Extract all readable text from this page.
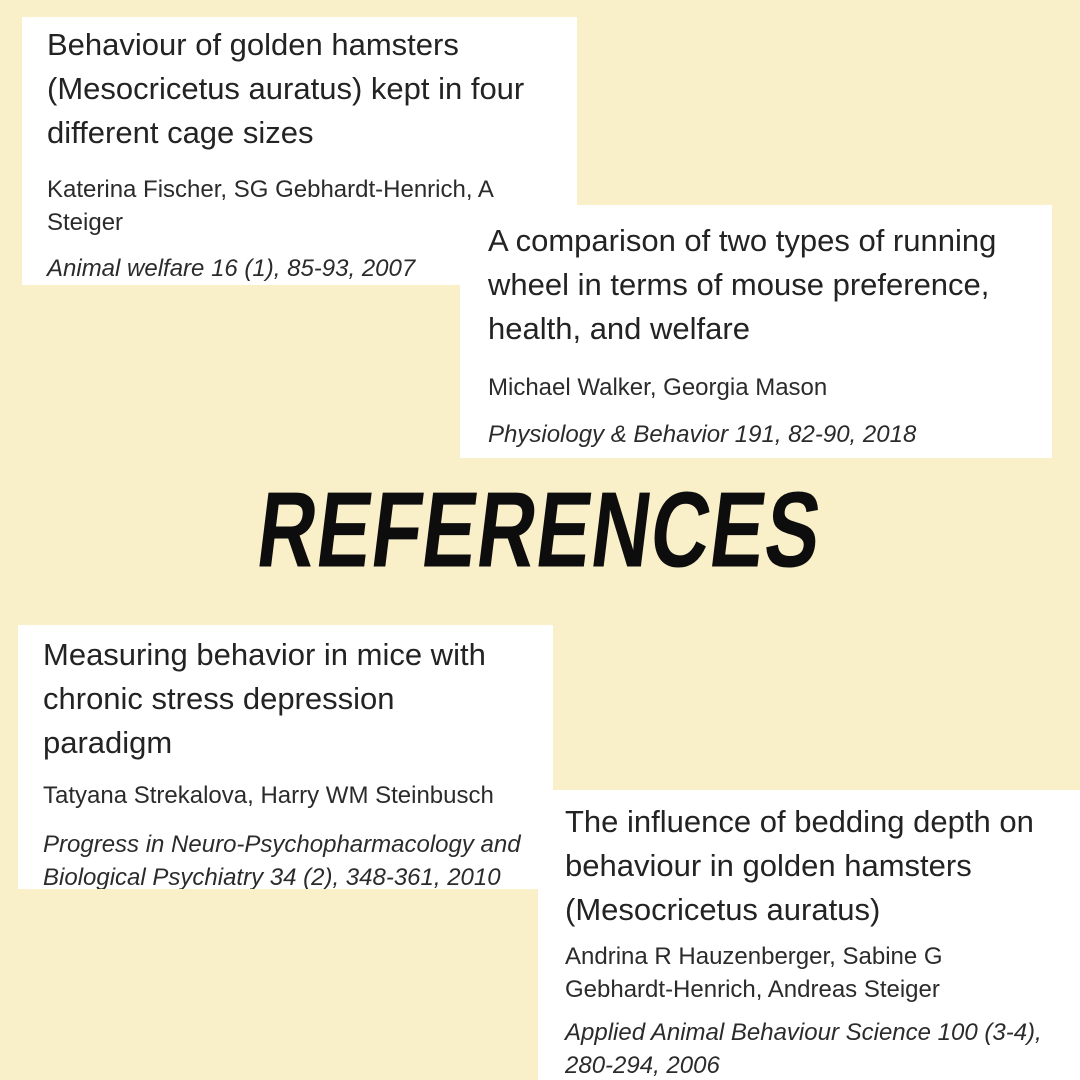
Behaviour of golden hamsters (Mesocricetus auratus) kept in four different cage sizes
Katerina Fischer, SG Gebhardt-Henrich, A Steiger
Animal welfare 16 (1), 85-93, 2007
A comparison of two types of running wheel in terms of mouse preference, health, and welfare
Michael Walker, Georgia Mason
Physiology & Behavior 191, 82-90, 2018
REFERENCES
Measuring behavior in mice with chronic stress depression paradigm
Tatyana Strekalova, Harry WM Steinbusch
Progress in Neuro-Psychopharmacology and Biological Psychiatry 34 (2), 348-361, 2010
The influence of bedding depth on behaviour in golden hamsters (Mesocricetus auratus)
Andrina R Hauzenberger, Sabine G Gebhardt-Henrich, Andreas Steiger
Applied Animal Behaviour Science 100 (3-4), 280-294, 2006
